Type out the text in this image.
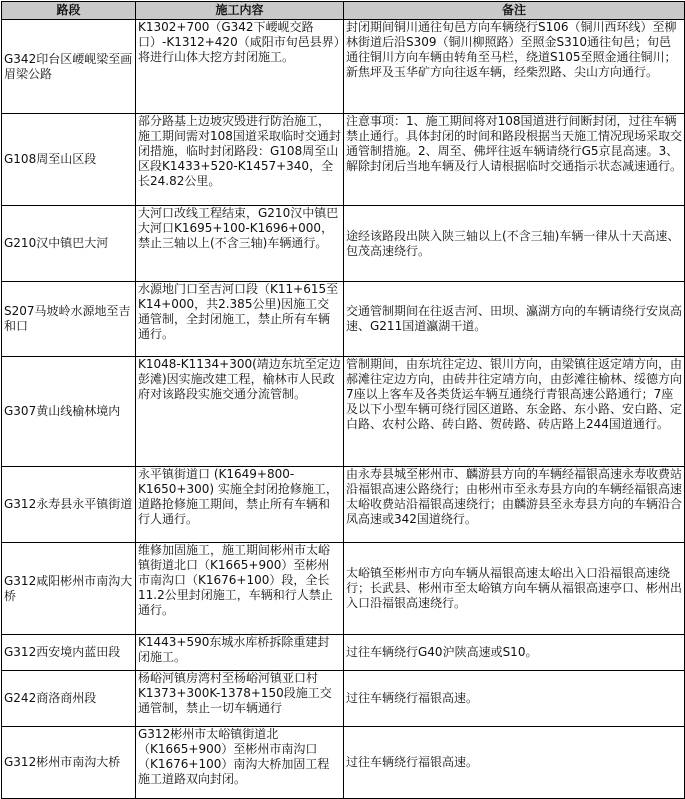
路段	施工内容	备注
G342印台区崾岘梁至画眉梁公路	K1302+700（G342下崾岘交路口）-K1312+420（咸阳市旬邑县界）将进行山体大挖方封闭施工。	封闭期间铜川通往旬邑方向车辆绕行S106（铜川西环线）至柳林街道后沿S309（铜川柳照路）至照金S310通往旬邑；旬邑通往铜川方向车辆由转角至马栏，绕道S105至照金通往铜川；新焦坪及玉华矿方向往返车辆，经柴烈路、尖山方向通行。
G108周至山区段	部分路基上边坡灾毁进行防治施工，施工期间需对108国道采取临时交通封闭措施，临时封闭路段：G108周至山区段K1433+520-K1457+340，全长24.82公里。	注意事项：1、施工期间将对108国道进行间断封闭，过往车辆禁止通行。具体封闭的时间和路段根据当天施工情况现场采取交通管制措施。2、周至、佛坪往返车辆请绕行G5京昆高速。3、解除封闭后当地车辆及行人请根据临时交通指示状态减速通行。
G210汉中镇巴大河	大河口改线工程结束，G210汉中镇巴大河口K1695+100-K1696+000，禁止三轴以上(不含三轴)车辆通行。	途经该路段出陕入陕三轴以上(不含三轴)车辆一律从十天高速、包茂高速绕行。
S207马坡岭水源地至吉和口	水源地门口至吉河口段（K11+615至K14+000，共2.385公里)因施工交通管制，全封闭施工，禁止所有车辆通行。	交通管制期间在往返吉河、田坝、瀛湖方向的车辆请绕行安岚高速、G211国道瀛湖干道。
G307黄山线榆林境内	K1048-K1134+300(靖边东坑至定边彭滩)因实施改建工程，榆林市人民政府对该路段实施交通分流管制。	管制期间，由东坑往定边、银川方向，由梁镇往返定靖方向，由郝滩往定边方向，由砖井往定靖方向，由彭滩往榆林、绥德方向7座以上客车及各类货运车辆互通绕行青银高速公路通行；7座及以下小型车辆可绕行园区道路、东金路、东小路、安白路、定白路、农村公路、砖白路、贺砖路、砖店路上244国道通行。
G312永寿县永平镇街道	永平镇街道口 (K1649+800-K1650+300) 实施全封闭抢修施工，道路抢修施工期间，禁止所有车辆和行人通行。	由永寿县城至彬州市、麟游县方向的车辆经福银高速永寿收费站沿福银高速公路绕行；由彬州市至永寿县方向的车辆经福银高速太峪收费站沿福银高速绕行；由麟游县至永寿县方向的车辆沿合凤高速或342国道绕行。
G312咸阳彬州市南沟大桥	维修加固施工，施工期间彬州市太峪镇街道北口（K1665+900）至彬州市南沟口（K1676+100）段，全长11.2公里封闭施工，车辆和行人禁止通行。	太峪镇至彬州市方向车辆从福银高速太峪出入口沿福银高速绕行；长武县、彬州市至太峪镇方向车辆从福银高速亭口、彬州出入口沿福银高速绕行。
G312西安境内蓝田段	K1443+590东城水库桥拆除重建封闭施工。	过往车辆绕行G40沪陕高速或S10。
G242商洛商州段	杨峪河镇房湾村至杨峪河镇亚口村K1373+300K-1378+150段施工交通管制，禁止一切车辆通行	过往车辆绕行福银高速。
G312彬州市南沟大桥	G312彬州市太峪镇街道北（K1665+900）至彬州市南沟口（K1676+100）南沟大桥加固工程施工道路双向封闭。	过往车辆绕行福银高速。
